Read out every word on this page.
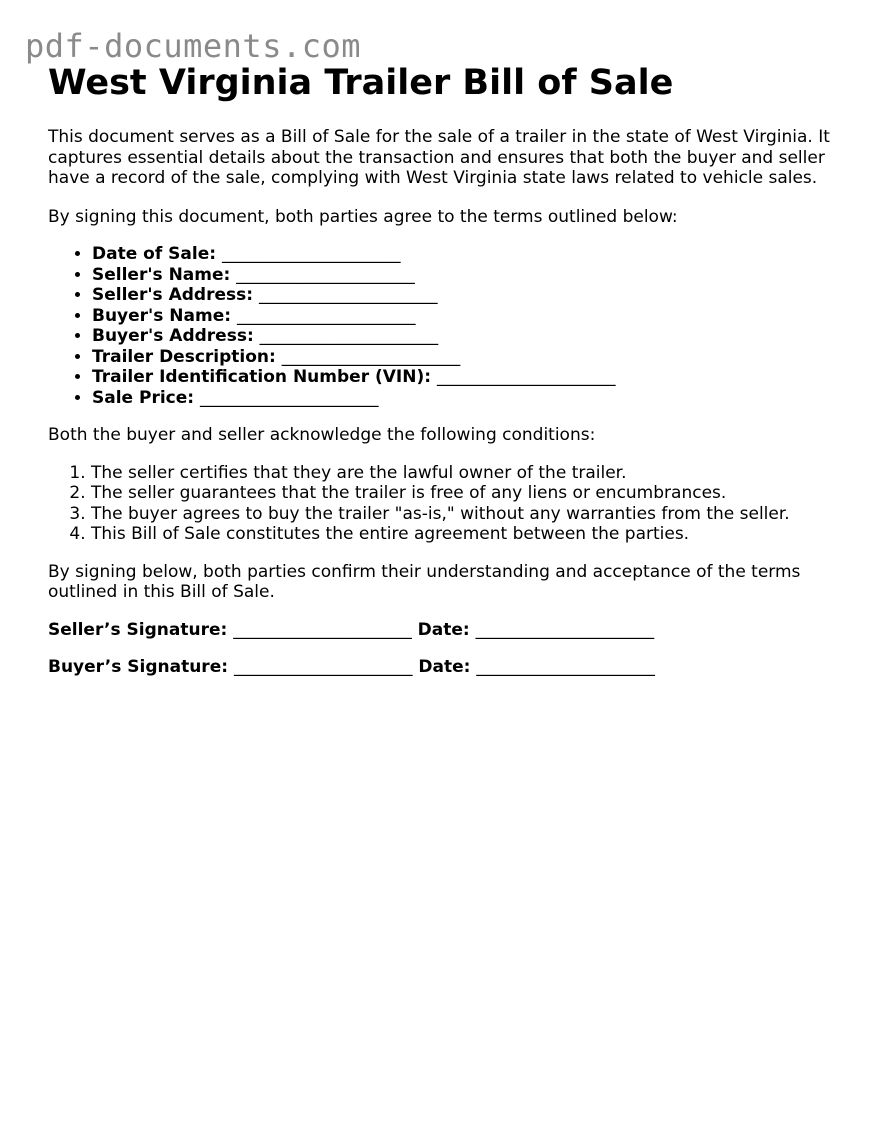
pdf-documents.com
West Virginia Trailer Bill of Sale

This document serves as a Bill of Sale for the sale of a trailer in the state of West Virginia. It captures essential details about the transaction and ensures that both the buyer and seller have a record of the sale, complying with West Virginia state laws related to vehicle sales.

By signing this document, both parties agree to the terms outlined below:

• Date of Sale: _____________________
• Seller's Name: _____________________
• Seller's Address: _____________________
• Buyer's Name: _____________________
• Buyer's Address: _____________________
• Trailer Description: _____________________
• Trailer Identification Number (VIN): _____________________
• Sale Price: _____________________

Both the buyer and seller acknowledge the following conditions:

1. The seller certifies that they are the lawful owner of the trailer.
2. The seller guarantees that the trailer is free of any liens or encumbrances.
3. The buyer agrees to buy the trailer "as-is," without any warranties from the seller.
4. This Bill of Sale constitutes the entire agreement between the parties.

By signing below, both parties confirm their understanding and acceptance of the terms outlined in this Bill of Sale.

Seller’s Signature: _____________________ Date: _____________________
Buyer’s Signature: _____________________ Date: _____________________
